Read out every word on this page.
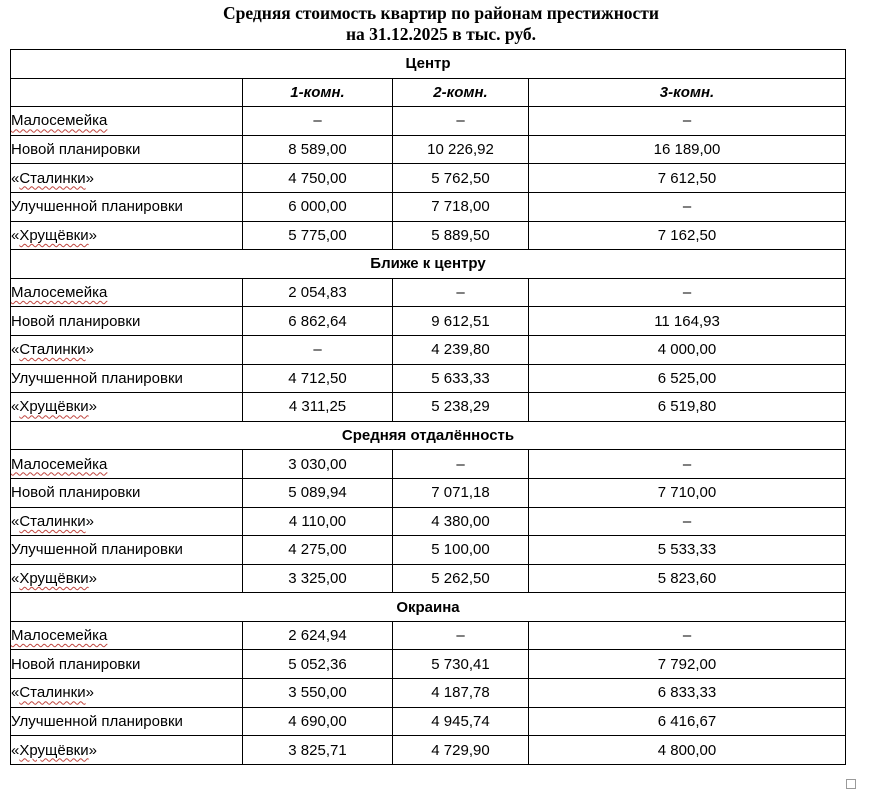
Средняя стоимость квартир по районам престижности
на 31.12.2025 в тыс. руб.
Центр			
	1-комн.	2-комн.	3-комн.
Малосемейка	–	–	–
Новой планировки	8 589,00	10 226,92	16 189,00
«Сталинки»	4 750,00	5 762,50	7 612,50
Улучшенной планировки	6 000,00	7 718,00	–
«Хрущёвки»	5 775,00	5 889,50	7 162,50
Ближе к центру			
Малосемейка	2 054,83	–	–
Новой планировки	6 862,64	9 612,51	11 164,93
«Сталинки»	–	4 239,80	4 000,00
Улучшенной планировки	4 712,50	5 633,33	6 525,00
«Хрущёвки»	4 311,25	5 238,29	6 519,80
Средняя отдалённость			
Малосемейка	3 030,00	–	–
Новой планировки	5 089,94	7 071,18	7 710,00
«Сталинки»	4 110,00	4 380,00	–
Улучшенной планировки	4 275,00	5 100,00	5 533,33
«Хрущёвки»	3 325,00	5 262,50	5 823,60
Окраина			
Малосемейка	2 624,94	–	–
Новой планировки	5 052,36	5 730,41	7 792,00
«Сталинки»	3 550,00	4 187,78	6 833,33
Улучшенной планировки	4 690,00	4 945,74	6 416,67
«Хрущёвки»	3 825,71	4 729,90	4 800,00
